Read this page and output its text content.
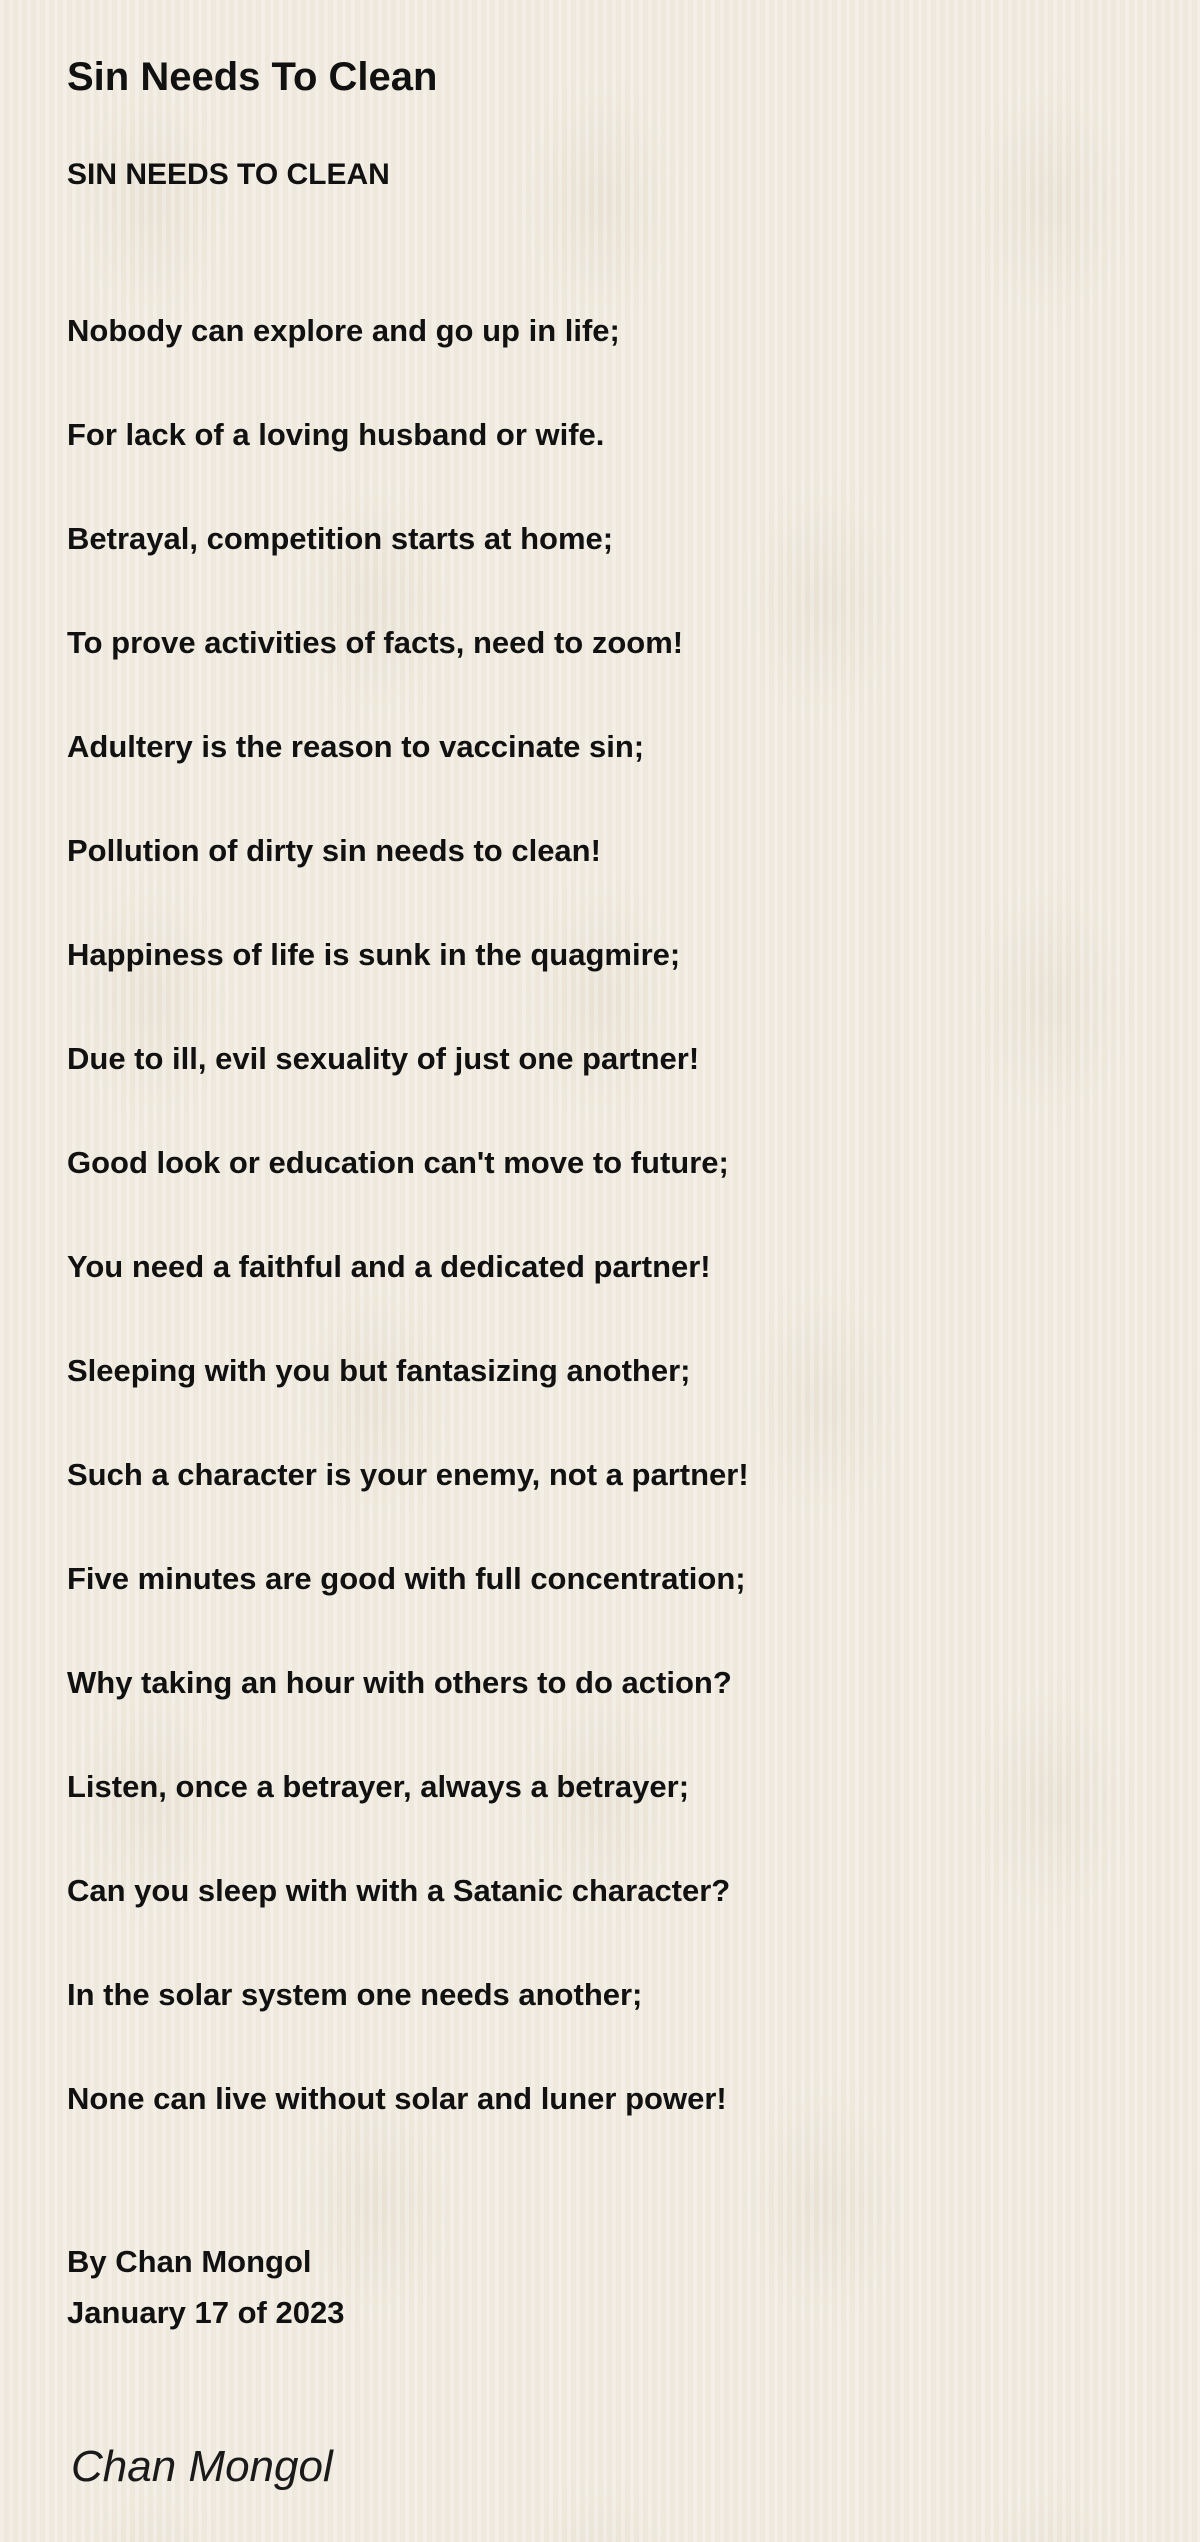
Sin Needs To Clean
SIN NEEDS TO CLEAN
Nobody can explore and go up in life;
For lack of a loving husband or wife.
Betrayal, competition starts at home;
To prove activities of facts, need to zoom!
Adultery is the reason to vaccinate sin;
Pollution of dirty sin needs to clean!
Happiness of life is sunk in the quagmire;
Due to ill, evil sexuality of just one partner!
Good look or education can't move to future;
You need a faithful and a dedicated partner!
Sleeping with you but fantasizing another;
Such a character is your enemy, not a partner!
Five minutes are good with full concentration;
Why taking an hour with others to do action?
Listen, once a betrayer, always a betrayer;
Can you sleep with with a Satanic character?
In the solar system one needs another;
None can live without solar and luner power!
By Chan Mongol
January 17 of 2023
Chan Mongol
